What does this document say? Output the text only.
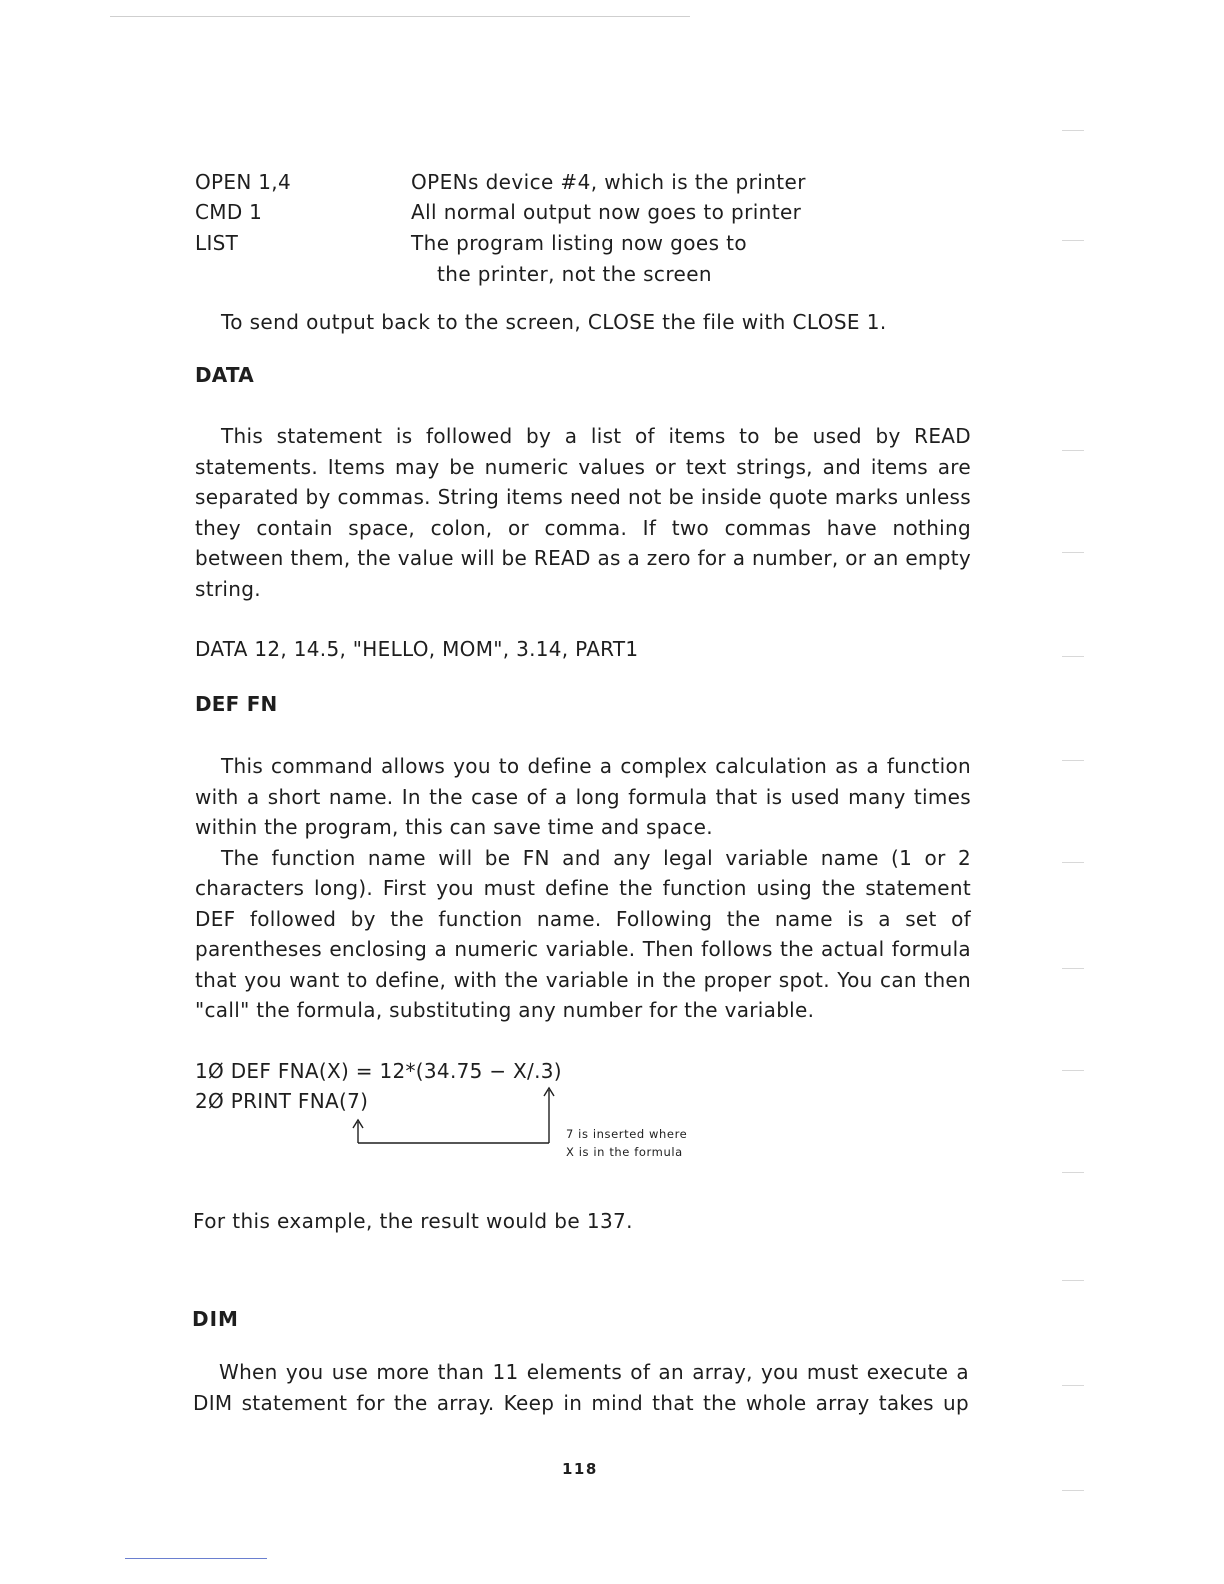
OPEN 1,4	OPENs device #4, which is the printer
CMD 1	All normal output now goes to printer
LIST	The program listing now goes to
the printer, not the screen
To send output back to the screen, CLOSE the file with CLOSE 1.
DATA

This statement is followed by a list of items to be used by READ statements. Items may be numeric values or text strings, and items are separated by commas. String items need not be inside quote marks unless they contain space, colon, or comma. If two commas have nothing between them, the value will be READ as a zero for a number, or an empty string.

DATA 12, 14.5, "HELLO, MOM", 3.14, PART1
DEF FN

This command allows you to define a complex calculation as a function with a short name. In the case of a long formula that is used many times within the program, this can save time and space.

The function name will be FN and any legal variable name (1 or 2 characters long). First you must define the function using the statement DEF followed by the function name. Following the name is a set of parentheses enclosing a numeric variable. Then follows the actual formula that you want to define, with the variable in the proper spot. You can then "call" the formula, substituting any number for the variable.

1Ø DEF FNA(X) = 12*(34.75 − X/.3)
2Ø PRINT FNA(7)
7 is inserted where
X is in the formula
For this example, the result would be 137.
DIM

When you use more than 11 elements of an array, you must execute a DIM statement for the array. Keep in mind that the whole array takes up

118
